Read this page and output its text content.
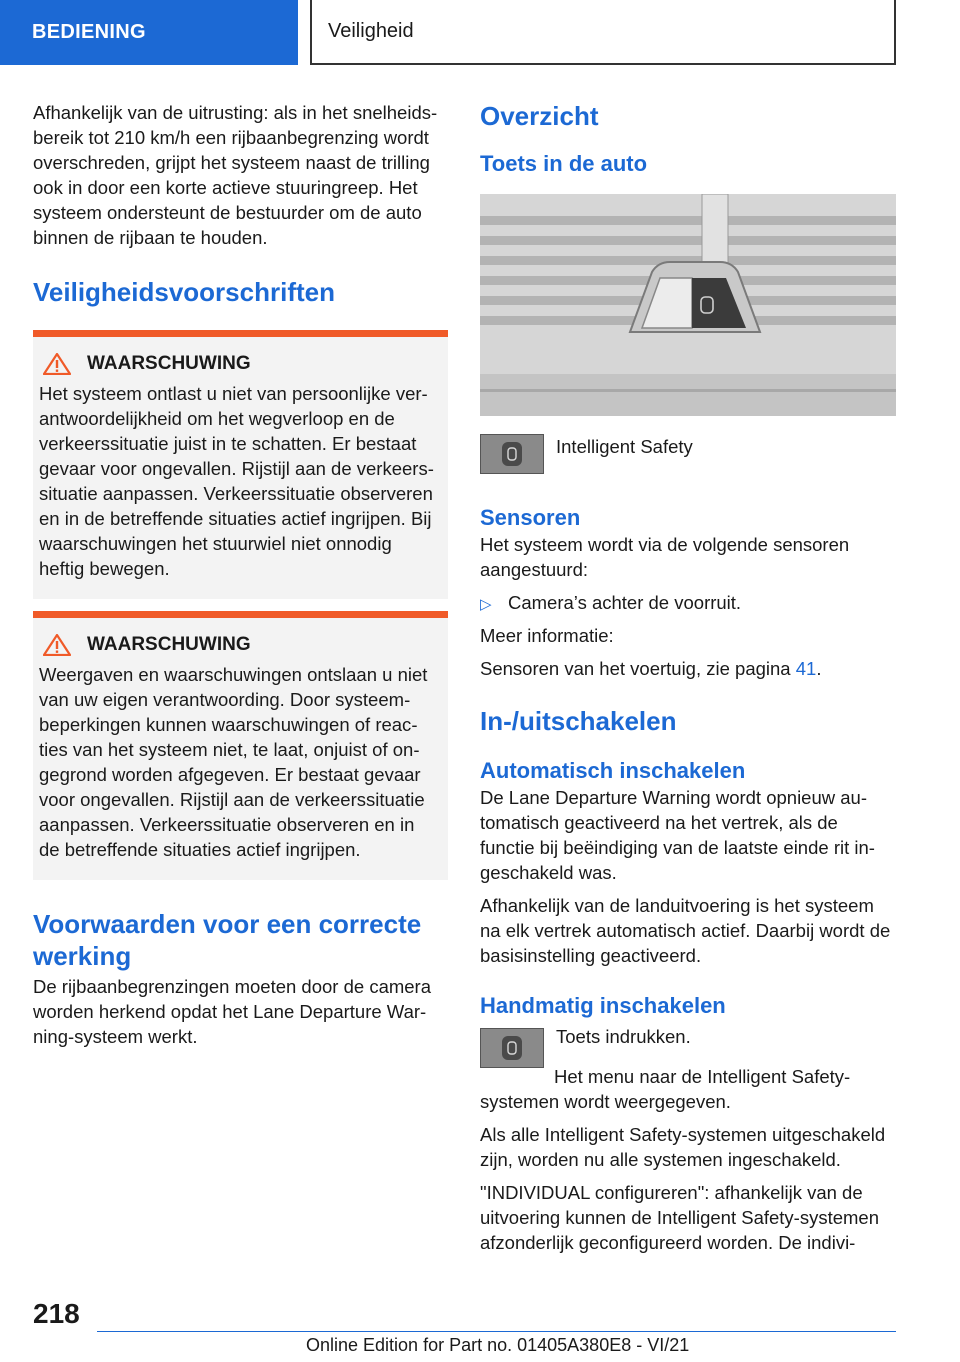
BEDIENING	Veiligheid

Afhankelijk van de uitrusting: als in het snelheidsbereik tot 210 km/h een rijbaanbegrenzing wordt overschreden, grijpt het systeem naast de trilling ook in door een korte actieve stuuringreep. Het systeem ondersteunt de bestuurder om de auto binnen de rijbaan te houden.

Veiligheidsvoorschriften
WAARSCHUWING

Het systeem ontlast u niet van persoonlijke verantwoordelijkheid om het wegverloop en de verkeerssituatie juist in te schatten. Er bestaat gevaar voor ongevallen. Rijstijl aan de verkeerssituatie aanpassen. Verkeerssituatie observeren en in de betreffende situaties actief ingrijpen. Bij waarschuwingen het stuurwiel niet onnodig heftig bewegen.

WAARSCHUWING

Weergaven en waarschuwingen ontslaan u niet van uw eigen verantwoording. Door systeembeperkingen kunnen waarschuwingen of reacties van het systeem niet, te laat, onjuist of ongegrond worden afgegeven. Er bestaat gevaar voor ongevallen. Rijstijl aan de verkeerssituatie aanpassen. Verkeerssituatie observeren en in de betreffende situaties actief ingrijpen.

Voorwaarden voor een correcte werking

De rijbaanbegrenzingen moeten door de camera worden herkend opdat het Lane Departure Warning-systeem werkt.

Overzicht
Toets in de auto

Intelligent Safety

Sensoren

Het systeem wordt via de volgende sensoren aangestuurd:

▷ Camera’s achter de voorruit.

Meer informatie:

Sensoren van het voertuig, zie pagina 41.

In-/uitschakelen
Automatisch inschakelen

De Lane Departure Warning wordt opnieuw automatisch geactiveerd na het vertrek, als de functie bij beëindiging van de laatste einde rit ingeschakeld was.

Afhankelijk van de landuitvoering is het systeem na elk vertrek automatisch actief. Daarbij wordt de basisinstelling geactiveerd.

Handmatig inschakelen

Toets indrukken.

Het menu naar de Intelligent Safety-systemen wordt weergegeven.

Als alle Intelligent Safety-systemen uitgeschakeld zijn, worden nu alle systemen ingeschakeld.

"INDIVIDUAL configureren": afhankelijk van de uitvoering kunnen de Intelligent Safety-systemen afzonderlijk geconfigureerd worden. De indivi-

218
Online Edition for Part no. 01405A380E8 - VI/21
